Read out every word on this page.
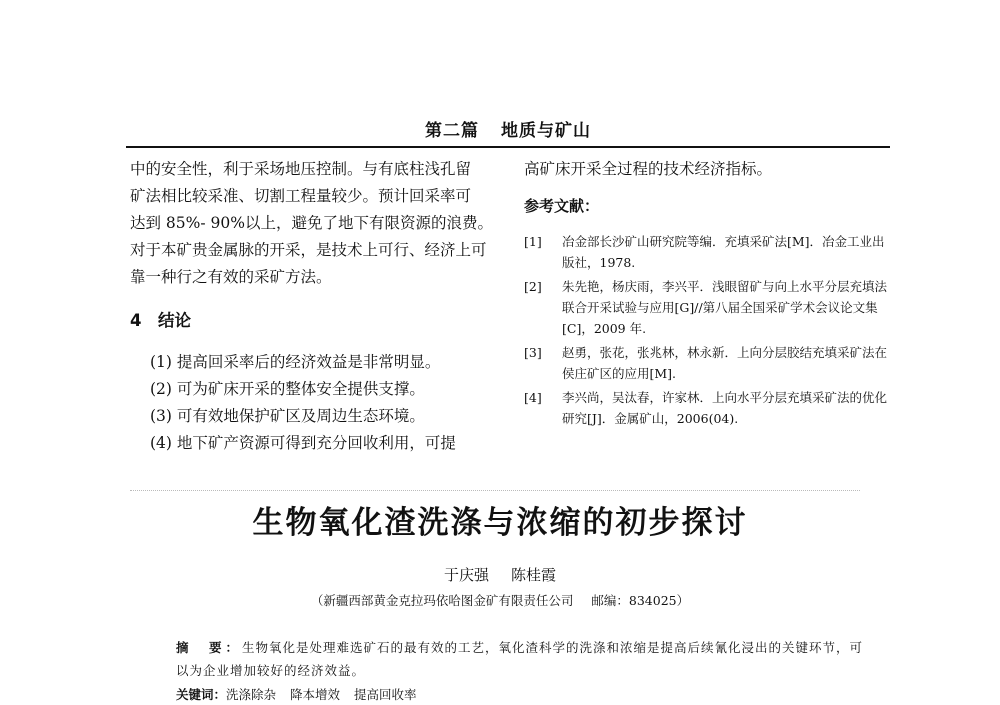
第二篇 地质与矿山

中的安全性，利于采场地压控制。与有底柱浅孔留

矿法相比较采准、切割工程量较少。预计回采率可

达到 85%- 90%以上，避免了地下有限资源的浪费。

对于本矿贵金属脉的开采，是技术上可行、经济上可

靠一种行之有效的采矿方法。

4 结论

(1) 提高回采率后的经济效益是非常明显。

(2) 可为矿床开采的整体安全提供支撑。

(3) 可有效地保护矿区及周边生态环境。

(4) 地下矿产资源可得到充分回收利用，可提

高矿床开采全过程的技术经济指标。

参考文献：
[1] 冶金部长沙矿山研究院等编．充填采矿法[M]．冶金工业出版社，1978.
[2] 朱先艳，杨庆雨，李兴平．浅眼留矿与向上水平分层充填法联合开采试验与应用[G]//第八届全国采矿学术会议论文集[C]，2009 年.
[3] 赵勇，张花，张兆林，林永新．上向分层胶结充填采矿法在侯庄矿区的应用[M].
[4] 李兴尚，吴汰春，许家林．上向水平分层充填采矿法的优化研究[J]．金属矿山，2006(04).
生物氧化渣洗涤与浓缩的初步探讨
于庆强 陈桂霞
（新疆西部黄金克拉玛依哈图金矿有限责任公司 邮编：834025）

摘　要：生物氧化是处理难选矿石的最有效的工艺，氧化渣科学的洗涤和浓缩是提高后续氰化浸出的关键环节，可以为企业增加较好的经济效益。

关键词：洗涤除杂 降本增效 提高回收率
